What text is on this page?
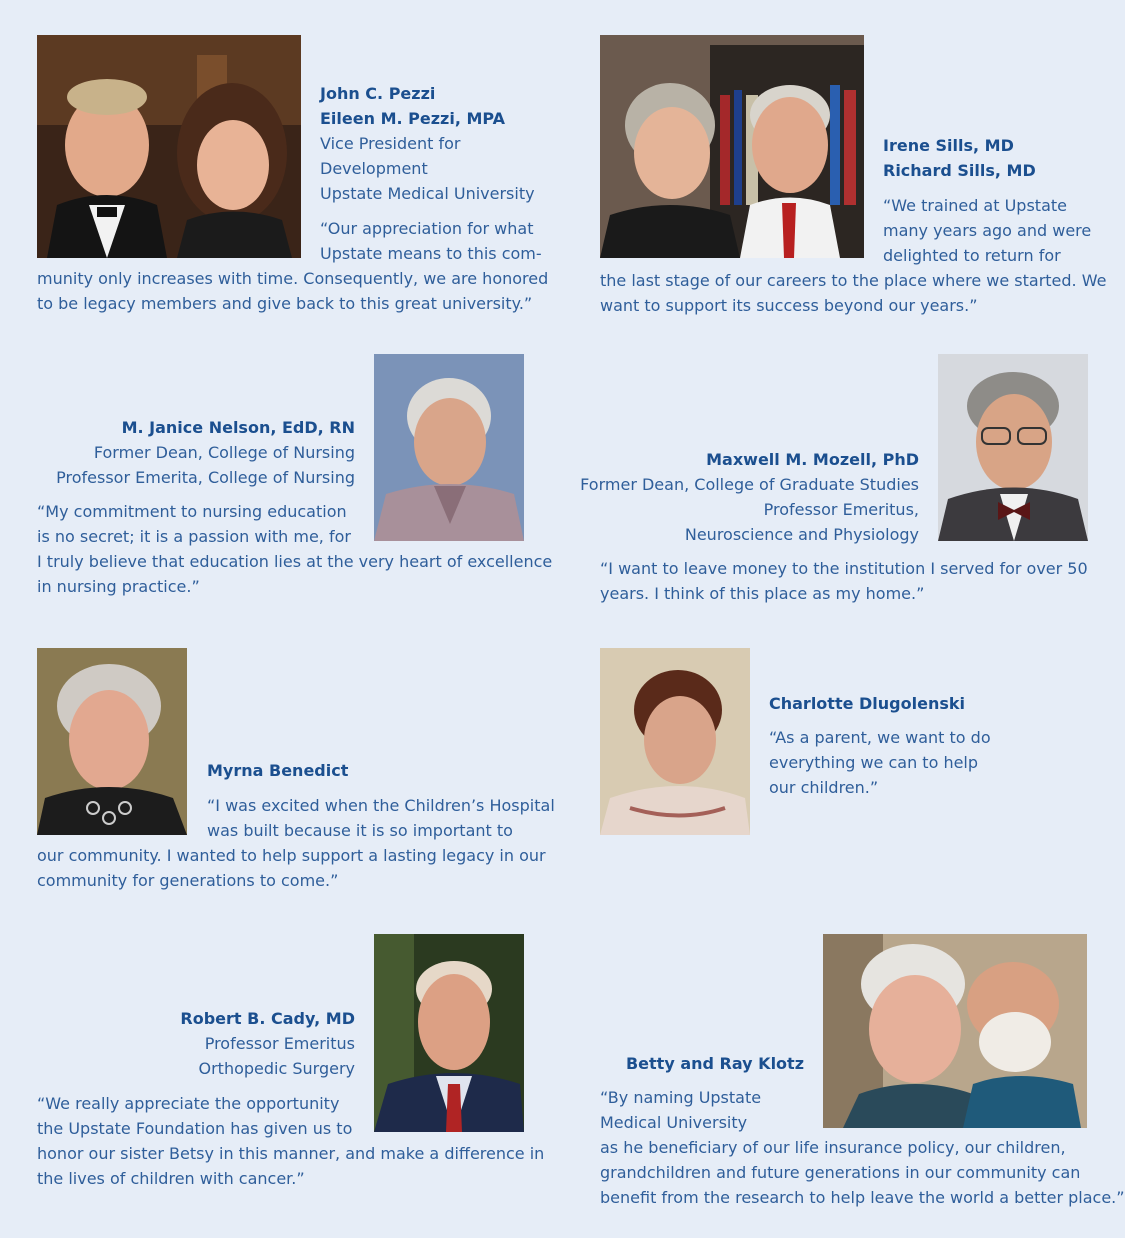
John C. Pezzi

Eileen M. Pezzi, MPA

Vice President for

Development

Upstate Medical University

“Our appreciation for what

Upstate means to this com-

munity only increases with time. Consequently, we are honored

to be legacy members and give back to this great university.”

Irene Sills, MD

Richard Sills, MD

“We trained at Upstate

many years ago and were

delighted to return for

the last stage of our careers to the place where we started. We

want to support its success beyond our years.”

M. Janice Nelson, EdD, RN

Former Dean, College of Nursing

Professor Emerita, College of Nursing

“My commitment to nursing education

is no secret; it is a passion with me, for

I truly believe that education lies at the very heart of excellence

in nursing practice.”

Maxwell M. Mozell, PhD

Former Dean, College of Graduate Studies

Professor Emeritus,

Neuroscience and Physiology

“I want to leave money to the institution I served for over 50

years. I think of this place as my home.”

Myrna Benedict

“I was excited when the Children’s Hospital

was built because it is so important to

our community. I wanted to help support a lasting legacy in our

community for generations to come.”

Charlotte Dlugolenski

“As a parent, we want to do

everything we can to help

our children.”

Robert B. Cady, MD

Professor Emeritus

Orthopedic Surgery

“We really appreciate the opportunity

the Upstate Foundation has given us to

honor our sister Betsy in this manner, and make a difference in

the lives of children with cancer.”

Betty and Ray Klotz

“By naming Upstate

Medical University

as he beneficiary of our life insurance policy, our children,

grandchildren and future generations in our community can

benefit from the research to help leave the world a better place.”
